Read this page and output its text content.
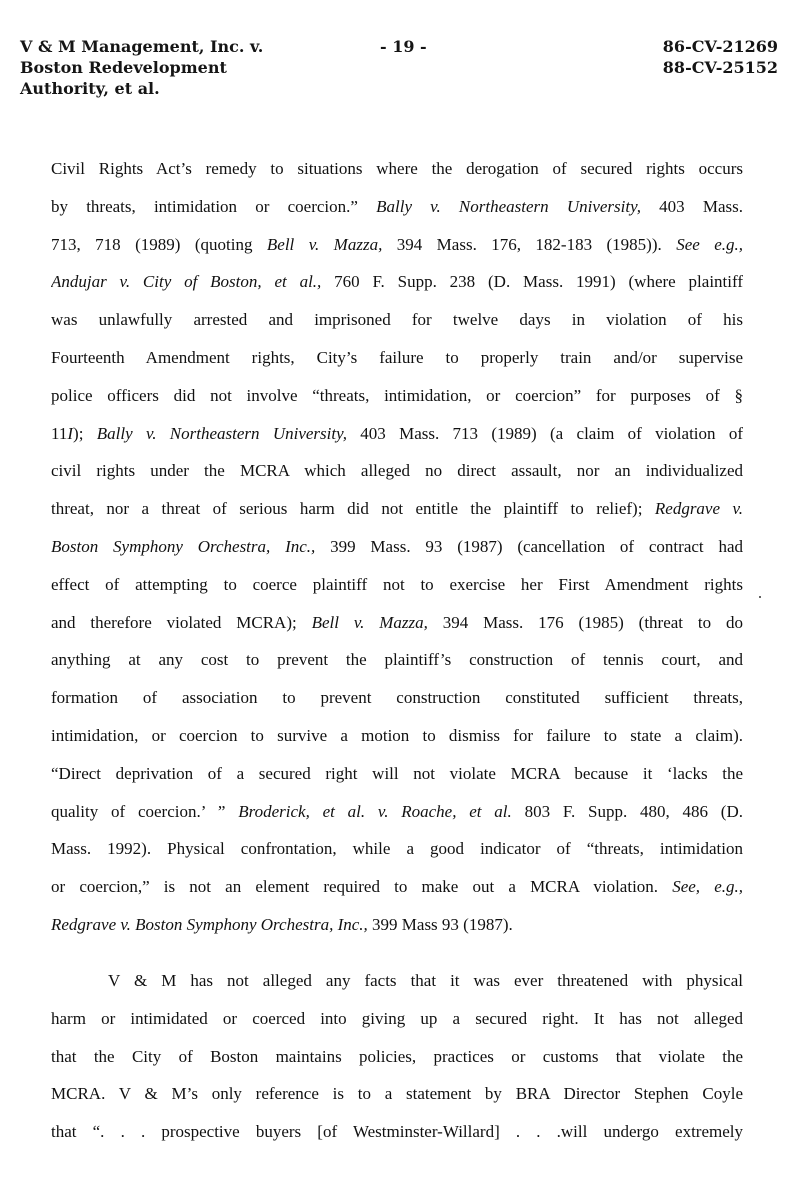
V & M Management, Inc. v.
Boston Redevelopment
Authority, et al.
- 19 -	86-CV-21269
88-CV-25152
Civil Rights Act’s remedy to situations where the derogation of secured rights occurs
by threats, intimidation or coercion.” Bally v. Northeastern University, 403 Mass.
713, 718 (1989) (quoting Bell v. Mazza, 394 Mass. 176, 182-183 (1985)). See e.g.,
Andujar v. City of Boston, et al., 760 F. Supp. 238 (D. Mass. 1991) (where plaintiff
was unlawfully arrested and imprisoned for twelve days in violation of his
Fourteenth Amendment rights, City’s failure to properly train and/or supervise
police officers did not involve “threats, intimidation, or coercion” for purposes of §
11I); Bally v. Northeastern University, 403 Mass. 713 (1989) (a claim of violation of
civil rights under the MCRA which alleged no direct assault, nor an individualized
threat, nor a threat of serious harm did not entitle the plaintiff to relief); Redgrave v.
Boston Symphony Orchestra, Inc., 399 Mass. 93 (1987) (cancellation of contract had
effect of attempting to coerce plaintiff not to exercise her First Amendment rights
and therefore violated MCRA); Bell v. Mazza, 394 Mass. 176 (1985) (threat to do
anything at any cost to prevent the plaintiff’s construction of tennis court, and
formation of association to prevent construction constituted sufficient threats,
intimidation, or coercion to survive a motion to dismiss for failure to state a claim).
“Direct deprivation of a secured right will not violate MCRA because it ‘lacks the
quality of coercion.’ ” Broderick, et al. v. Roache, et al. 803 F. Supp. 480, 486 (D.
Mass. 1992). Physical confrontation, while a good indicator of “threats, intimidation
or coercion,” is not an element required to make out a MCRA violation. See, e.g.,
Redgrave v. Boston Symphony Orchestra, Inc., 399 Mass 93 (1987).
V & M has not alleged any facts that it was ever threatened with physical
harm or intimidated or coerced into giving up a secured right. It has not alleged
that the City of Boston maintains policies, practices or customs that violate the
MCRA. V & M’s only reference is to a statement by BRA Director Stephen Coyle
that “. . . prospective buyers [of Westminster-Willard] . . .will undergo extremely
